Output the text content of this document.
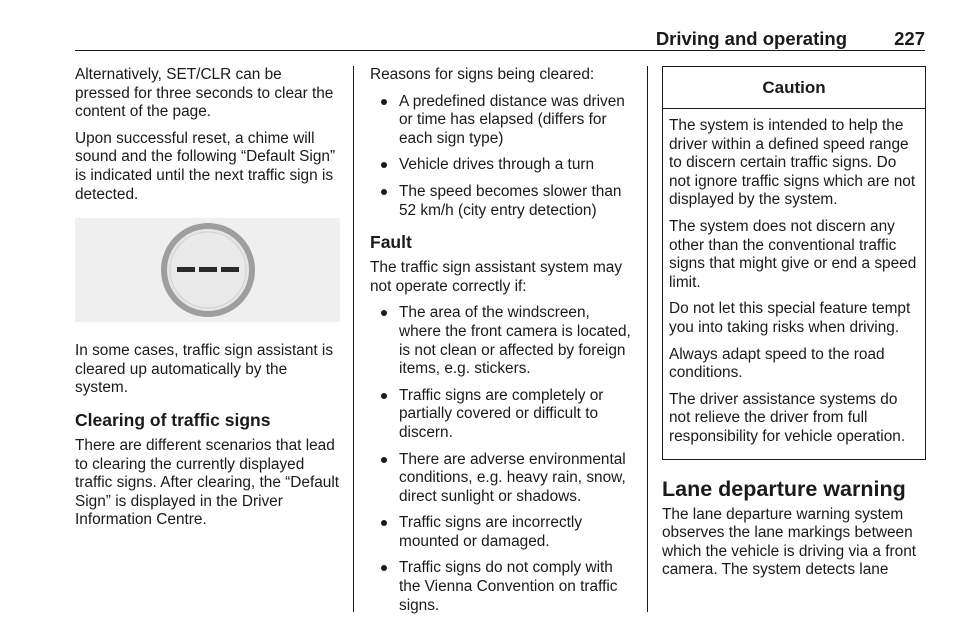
Driving and operating	227

Alternatively, SET/CLR can be pressed for three seconds to clear the content of the page.

Upon successful reset, a chime will sound and the following “Default Sign” is indicated until the next traffic sign is detected.

In some cases, traffic sign assistant is cleared up automatically by the system.

Clearing of traffic signs

There are different scenarios that lead to clearing the currently displayed traffic signs. After clearing, the “Default Sign” is displayed in the Driver Information Centre.

Reasons for signs being cleared:

A predefined distance was driven or time has elapsed (differs for each sign type)
Vehicle drives through a turn
The speed becomes slower than 52 km/h (city entry detection)
Fault

The traffic sign assistant system may not operate correctly if:

The area of the windscreen, where the front camera is located, is not clean or affected by foreign items, e.g. stickers.
Traffic signs are completely or partially covered or difficult to discern.
There are adverse environmental conditions, e.g. heavy rain, snow, direct sunlight or shadows.
Traffic signs are incorrectly mounted or damaged.
Traffic signs do not comply with the Vienna Convention on traffic signs.
Caution

The system is intended to help the driver within a defined speed range to discern certain traffic signs. Do not ignore traffic signs which are not displayed by the system.

The system does not discern any other than the conventional traffic signs that might give or end a speed limit.

Do not let this special feature tempt you into taking risks when driving.

Always adapt speed to the road conditions.

The driver assistance systems do not relieve the driver from full responsibility for vehicle operation.

Lane departure warning

The lane departure warning system observes the lane markings between which the vehicle is driving via a front camera. The system detects lane
